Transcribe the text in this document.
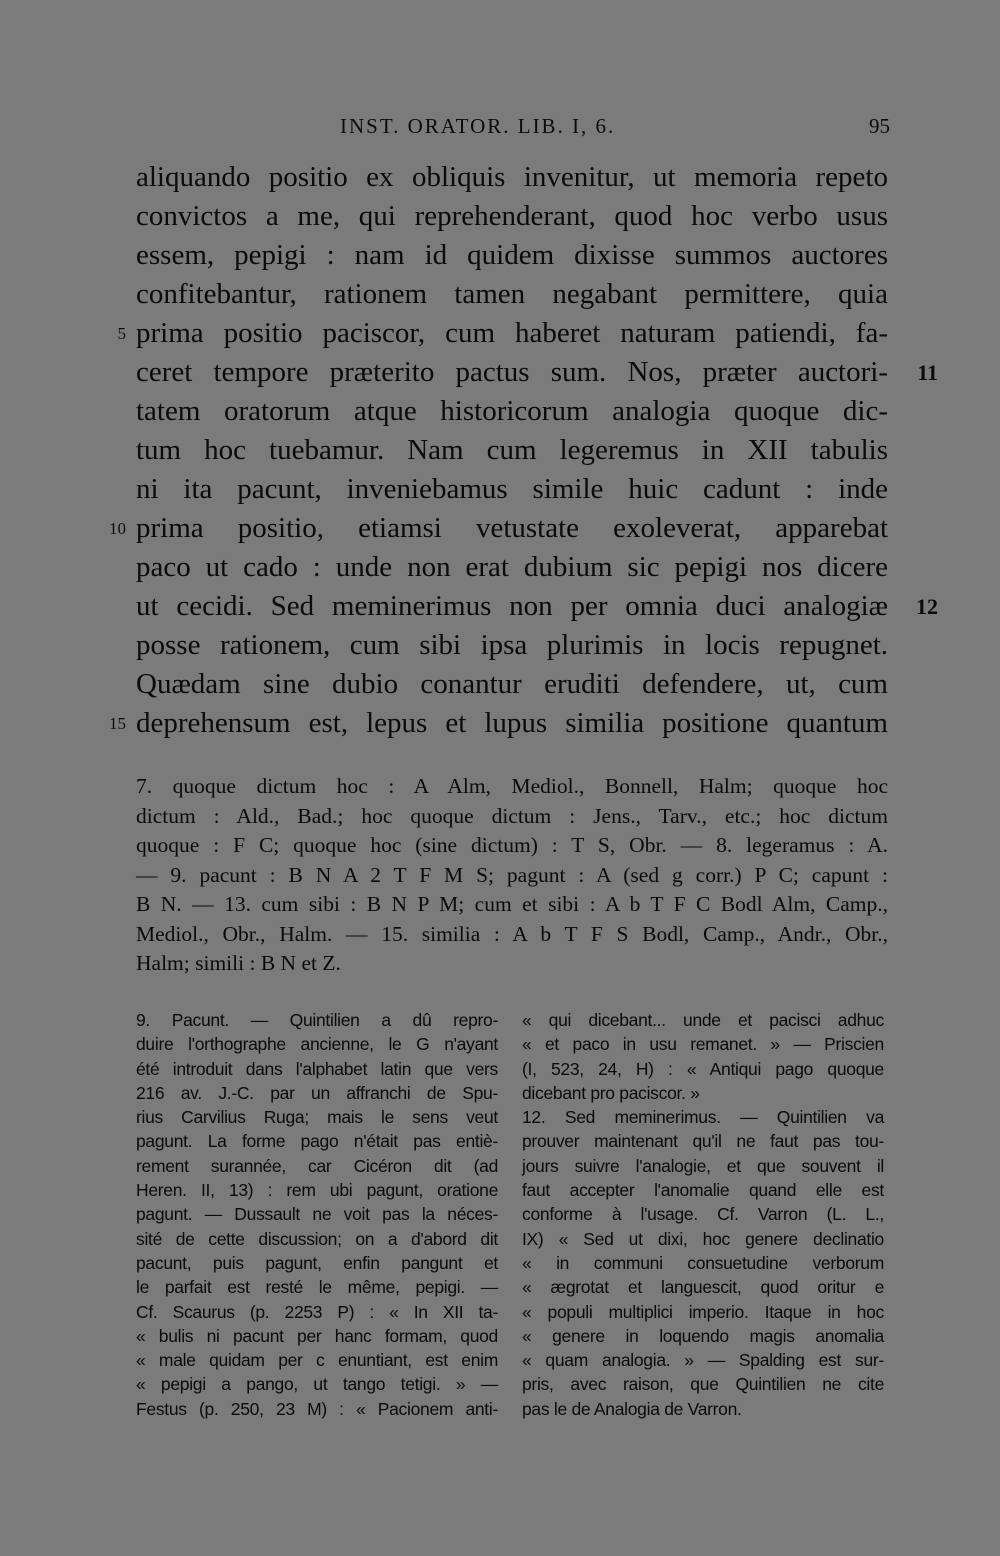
INST. ORATOR. LIB. I, 6.	95
aliquando positio ex obliquis invenitur, ut memoria repeto
convictos a me, qui reprehenderant, quod hoc verbo usus
essem, pepigi : nam id quidem dixisse summos auctores
confitebantur, rationem tamen negabant permittere, quia
5 prima positio paciscor, cum haberet naturam patiendi, fa-
ceret tempore præterito pactus sum. Nos, præter auctori-	11
tatem oratorum atque historicorum analogia quoque dic-
tum hoc tuebamur. Nam cum legeremus in XII tabulis
ni ita pacunt, inveniebamus simile huic cadunt : inde
10 prima positio, etiamsi vetustate exoleverat, apparebat
paco ut cado : unde non erat dubium sic pepigi nos dicere
ut cecidi. Sed meminerimus non per omnia duci analogiæ	12
posse rationem, cum sibi ipsa plurimis in locis repugnet.
Quædam sine dubio conantur eruditi defendere, ut, cum
15 deprehensum est, lepus et lupus similia positione quantum
7. quoque dictum hoc : A Alm, Mediol., Bonnell, Halm; quoque hoc
dictum : Ald., Bad.; hoc quoque dictum : Jens., Tarv., etc.; hoc dictum
quoque : F C; quoque hoc (sine dictum) : T S, Obr. — 8. legeramus : A.
— 9. pacunt : B N A 2 T F M S; pagunt : A (sed g corr.) P C; capunt :
B N. — 13. cum sibi : B N P M; cum et sibi : A b T F C Bodl Alm, Camp.,
Mediol., Obr., Halm. — 15. similia : A b T F S Bodl, Camp., Andr., Obr.,
Halm; simili : B N et Z.
9. Pacunt. — Quintilien a dû repro-
duire l'orthographe ancienne, le G n'ayant
été introduit dans l'alphabet latin que vers
216 av. J.-C. par un affranchi de Spu-
rius Carvilius Ruga; mais le sens veut
pagunt. La forme pago n'était pas entiè-
rement surannée, car Cicéron dit (ad
Heren. II, 13) : rem ubi pagunt, oratione
pagunt. — Dussault ne voit pas la néces-
sité de cette discussion; on a d'abord dit
pacunt, puis pagunt, enfin pangunt et
le parfait est resté le même, pepigi. —
Cf. Scaurus (p. 2253 P) : « In XII ta-
« bulis ni pacunt per hanc formam, quod
« male quidam per c enuntiant, est enim
« pepigi a pango, ut tango tetigi. » —
Festus (p. 250, 23 M) : « Pacionem anti-
« qui dicebant... unde et pacisci adhuc
« et paco in usu remanet. » — Priscien
(I, 523, 24, H) : « Antiqui pago quoque
dicebant pro paciscor. »
12. Sed meminerimus. — Quintilien va
prouver maintenant qu'il ne faut pas tou-
jours suivre l'analogie, et que souvent il
faut accepter l'anomalie quand elle est
conforme à l'usage. Cf. Varron (L. L.,
IX) « Sed ut dixi, hoc genere declinatio
« in communi consuetudine verborum
« ægrotat et languescit, quod oritur e
« populi multiplici imperio. Itaque in hoc
« genere in loquendo magis anomalia
« quam analogia. » — Spalding est sur-
pris, avec raison, que Quintilien ne cite
pas le de Analogia de Varron.
